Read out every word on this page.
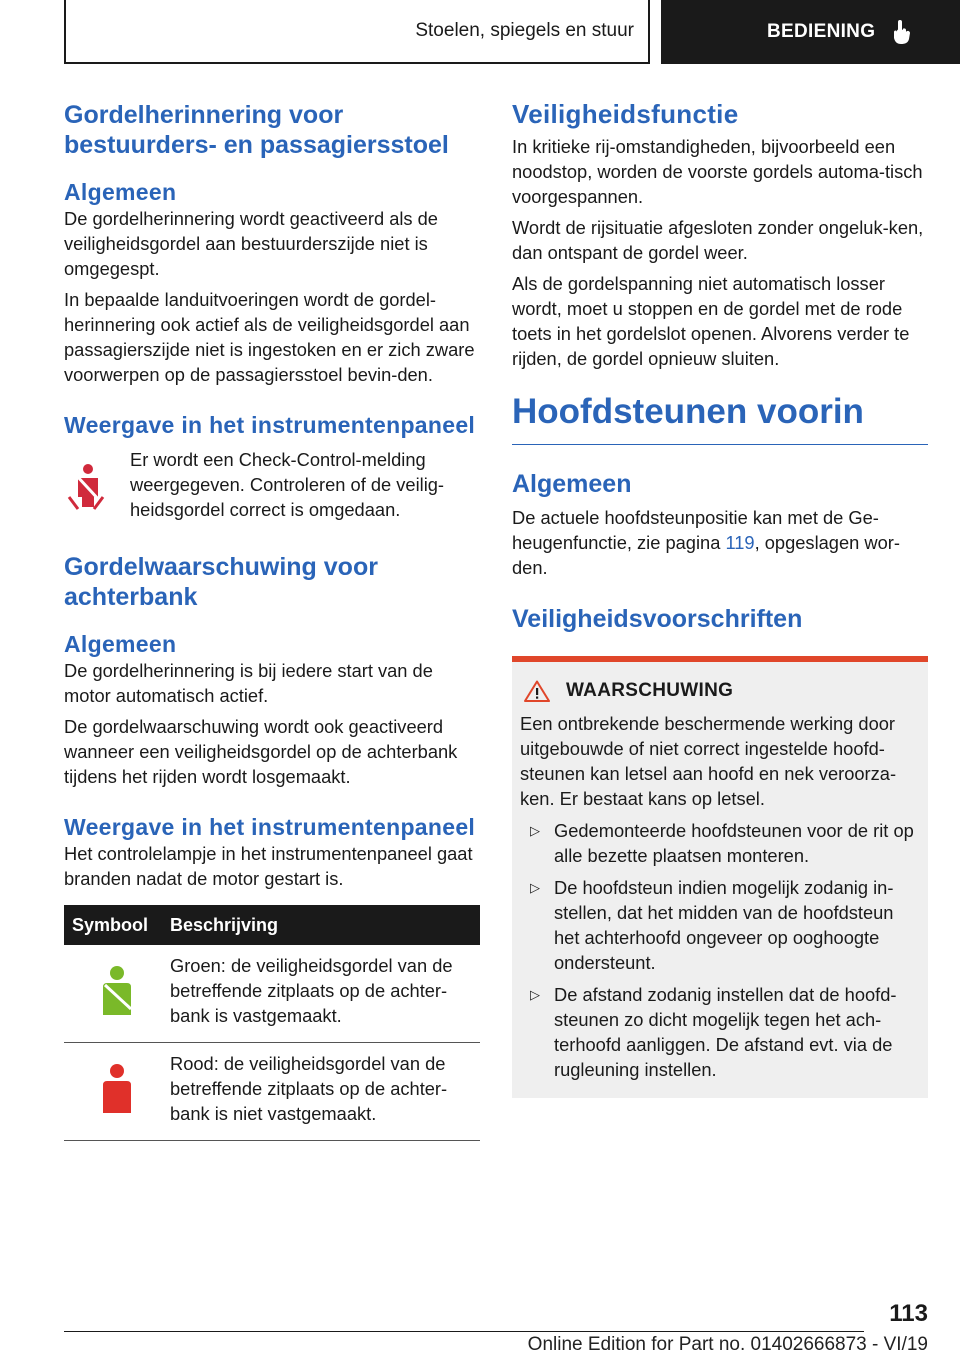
Stoelen, spiegels en stuur	BEDIENING
Gordelherinnering voor bestuurders- en passagiersstoel
Algemeen

De gordelherinnering wordt geactiveerd als de veiligheidsgordel aan bestuurderszijde niet is omgegespt.

In bepaalde landuitvoeringen wordt de gordel-herinnering ook actief als de veiligheidsgordel aan passagierszijde niet is ingestoken en er zich zware voorwerpen op de passagiersstoel bevin-den.

Weergave in het instrumentenpaneel

Er wordt een Check-Control-melding weergegeven. Controleren of de veilig-heidsgordel correct is omgedaan.

Gordelwaarschuwing voor achterbank
Algemeen

De gordelherinnering is bij iedere start van de motor automatisch actief.

De gordelwaarschuwing wordt ook geactiveerd wanneer een veiligheidsgordel op de achterbank tijdens het rijden wordt losgemaakt.

Weergave in het instrumentenpaneel

Het controlelampje in het instrumentenpaneel gaat branden nadat de motor gestart is.

Symbool	Beschrijving
	Groen: de veiligheidsgordel van de betreffende zitplaats op de achter-bank is vastgemaakt.
	Rood: de veiligheidsgordel van de betreffende zitplaats op de achter-bank is niet vastgemaakt.
Veiligheidsfunctie

In kritieke rij-omstandigheden, bijvoorbeeld een noodstop, worden de voorste gordels automa-tisch voorgespannen.

Wordt de rijsituatie afgesloten zonder ongeluk-ken, dan ontspant de gordel weer.

Als de gordelspanning niet automatisch losser wordt, moet u stoppen en de gordel met de rode toets in het gordelslot openen. Alvorens verder te rijden, de gordel opnieuw sluiten.

Hoofdsteunen voorin
Algemeen

De actuele hoofdsteunpositie kan met de Ge-heugenfunctie, zie pagina 119, opgeslagen wor-den.

Veiligheidsvoorschriften
WAARSCHUWING

Een ontbrekende beschermende werking door uitgebouwde of niet correct ingestelde hoofd-steunen kan letsel aan hoofd en nek veroorza-ken. Er bestaat kans op letsel.

▷ Gedemonteerde hoofdsteunen voor de rit op alle bezette plaatsen monteren.
▷ De hoofdsteun indien mogelijk zodanig in-stellen, dat het midden van de hoofdsteun het achterhoofd ongeveer op ooghoogte ondersteunt.
▷ De afstand zodanig instellen dat de hoofd-steunen zo dicht mogelijk tegen het ach-terhoofd aanliggen. De afstand evt. via de rugleuning instellen.
113
Online Edition for Part no. 01402666873 - VI/19
